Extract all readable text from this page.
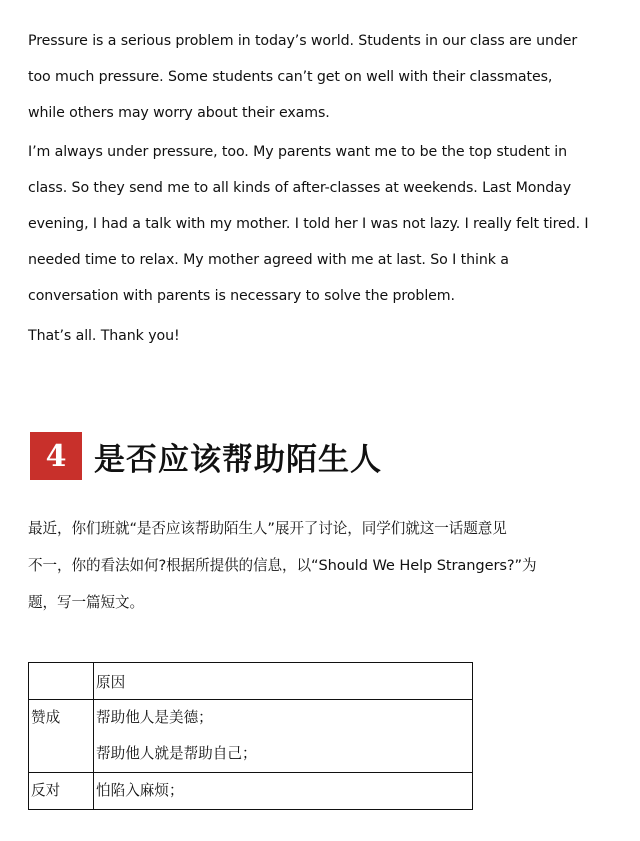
Pressure is a serious problem in today’s world. Students in our class are under
too much pressure. Some students can’t get on well with their classmates,
while others may worry about their exams.
I’m always under pressure, too. My parents want me to be the top student in
class. So they send me to all kinds of after-classes at weekends. Last Monday
evening, I had a talk with my mother. I told her I was not lazy. I really felt tired. I
needed time to relax. My mother agreed with me at last. So I think a
conversation with parents is necessary to solve the problem.
That’s all. Thank you!
4 是否应该帮助陌生人
最近，你们班就“是否应该帮助陌生人”展开了讨论，同学们就这一话题意见
不一，你的看法如何?根据所提供的信息，以“Should We Help Strangers?”为
题，写一篇短文。

	原因

赞成	帮助他人是美德；
帮助他人就是帮助自己；

反对	怕陷入麻烦；
